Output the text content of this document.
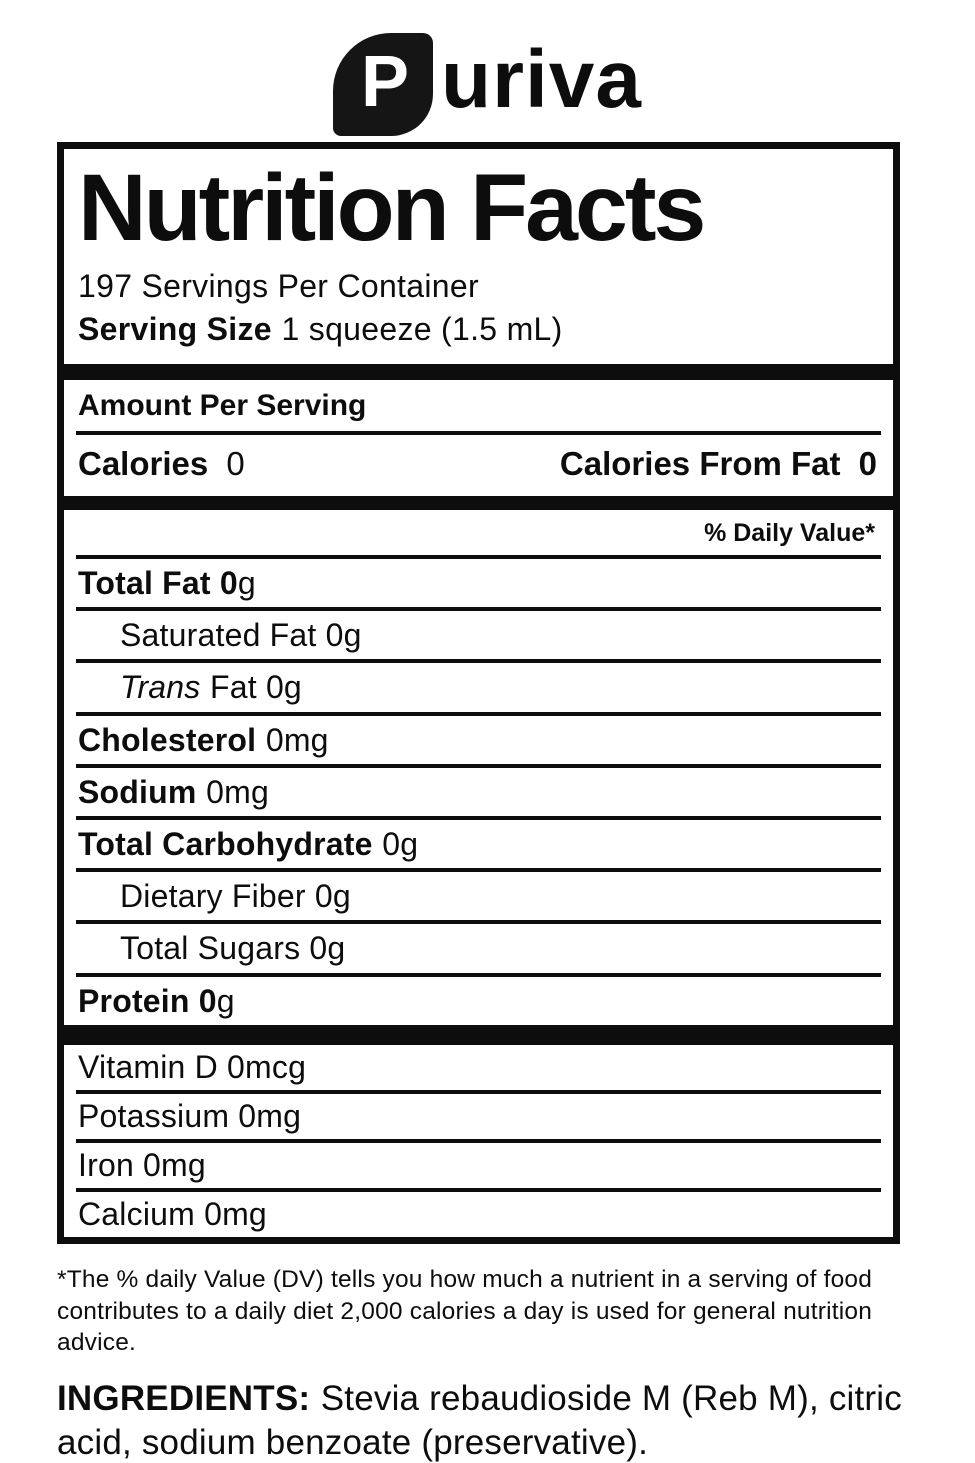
P uriva
Nutrition Facts
197 Servings Per Container
Serving Size 1 squeeze (1.5 mL)
Amount Per Serving
Calories 0	Calories From Fat 0
% Daily Value*
Total Fat 0g
Saturated Fat 0g
Trans Fat 0g
Cholesterol 0mg
Sodium 0mg
Total Carbohydrate 0g
Dietary Fiber 0g
Total Sugars 0g
Protein 0g
Vitamin D 0mcg
Potassium 0mg
Iron 0mg
Calcium 0mg
*The % daily Value (DV) tells you how much a nutrient in a serving of food contributes to a daily diet 2,000 calories a day is used for general nutrition advice.
INGREDIENTS: Stevia rebaudioside M (Reb M), citric acid, sodium benzoate (preservative).
